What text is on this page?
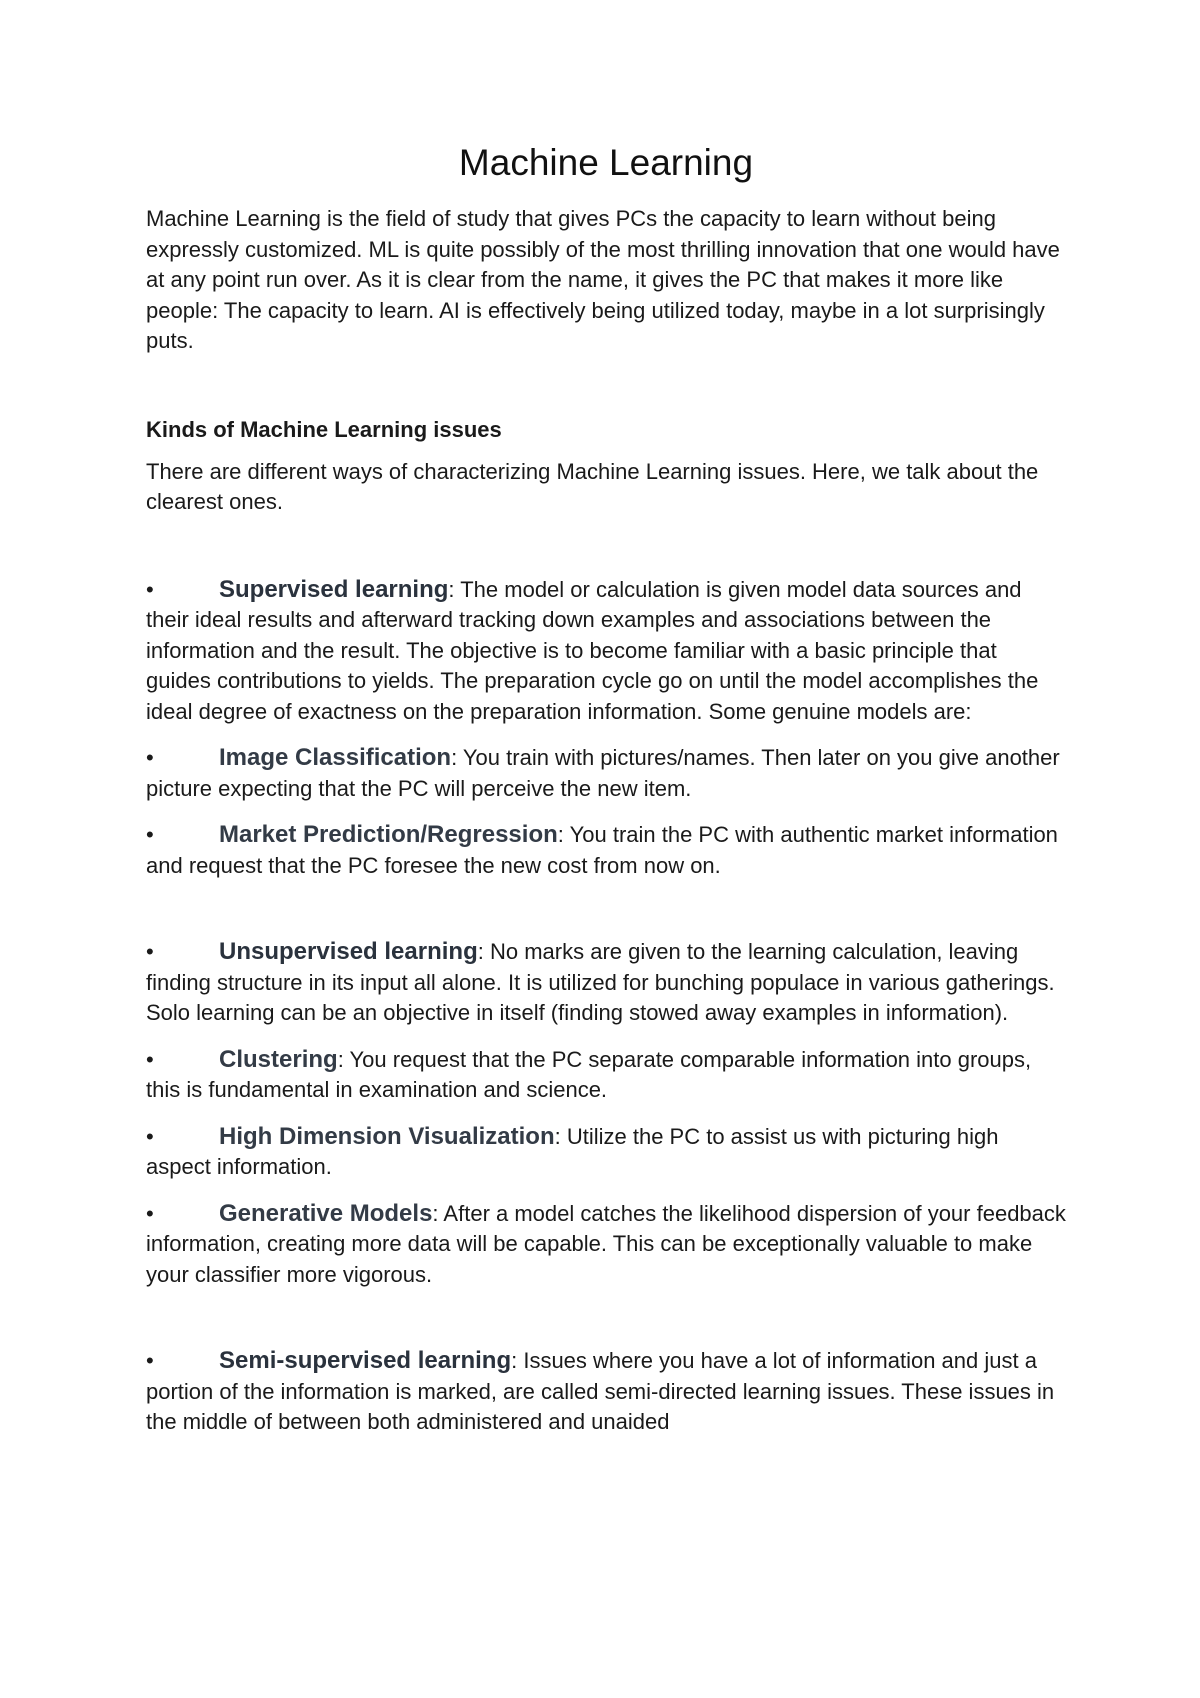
Machine Learning

Machine Learning is the field of study that gives PCs the capacity to learn without being expressly customized. ML is quite possibly of the most thrilling innovation that one would have at any point run over. As it is clear from the name, it gives the PC that makes it more like people: The capacity to learn. AI is effectively being utilized today, maybe in a lot surprisingly puts.

Kinds of Machine Learning issues

There are different ways of characterizing Machine Learning issues. Here, we talk about the clearest ones.

•	Supervised learning: The model or calculation is given model data sources and their ideal results and afterward tracking down examples and associations between the information and the result. The objective is to become familiar with a basic principle that guides contributions to yields. The preparation cycle go on until the model accomplishes the ideal degree of exactness on the preparation information. Some genuine models are:

•	Image Classification: You train with pictures/names. Then later on you give another picture expecting that the PC will perceive the new item.

•	Market Prediction/Regression: You train the PC with authentic market information and request that the PC foresee the new cost from now on.

•	Unsupervised learning: No marks are given to the learning calculation, leaving finding structure in its input all alone. It is utilized for bunching populace in various gatherings. Solo learning can be an objective in itself (finding stowed away examples in information).

•	Clustering: You request that the PC separate comparable information into groups, this is fundamental in examination and science.

•	High Dimension Visualization: Utilize the PC to assist us with picturing high aspect information.

•	Generative Models: After a model catches the likelihood dispersion of your feedback information, creating more data will be capable. This can be exceptionally valuable to make your classifier more vigorous.

•	Semi-supervised learning: Issues where you have a lot of information and just a portion of the information is marked, are called semi-directed learning issues. These issues in the middle of between both administered and unaided
